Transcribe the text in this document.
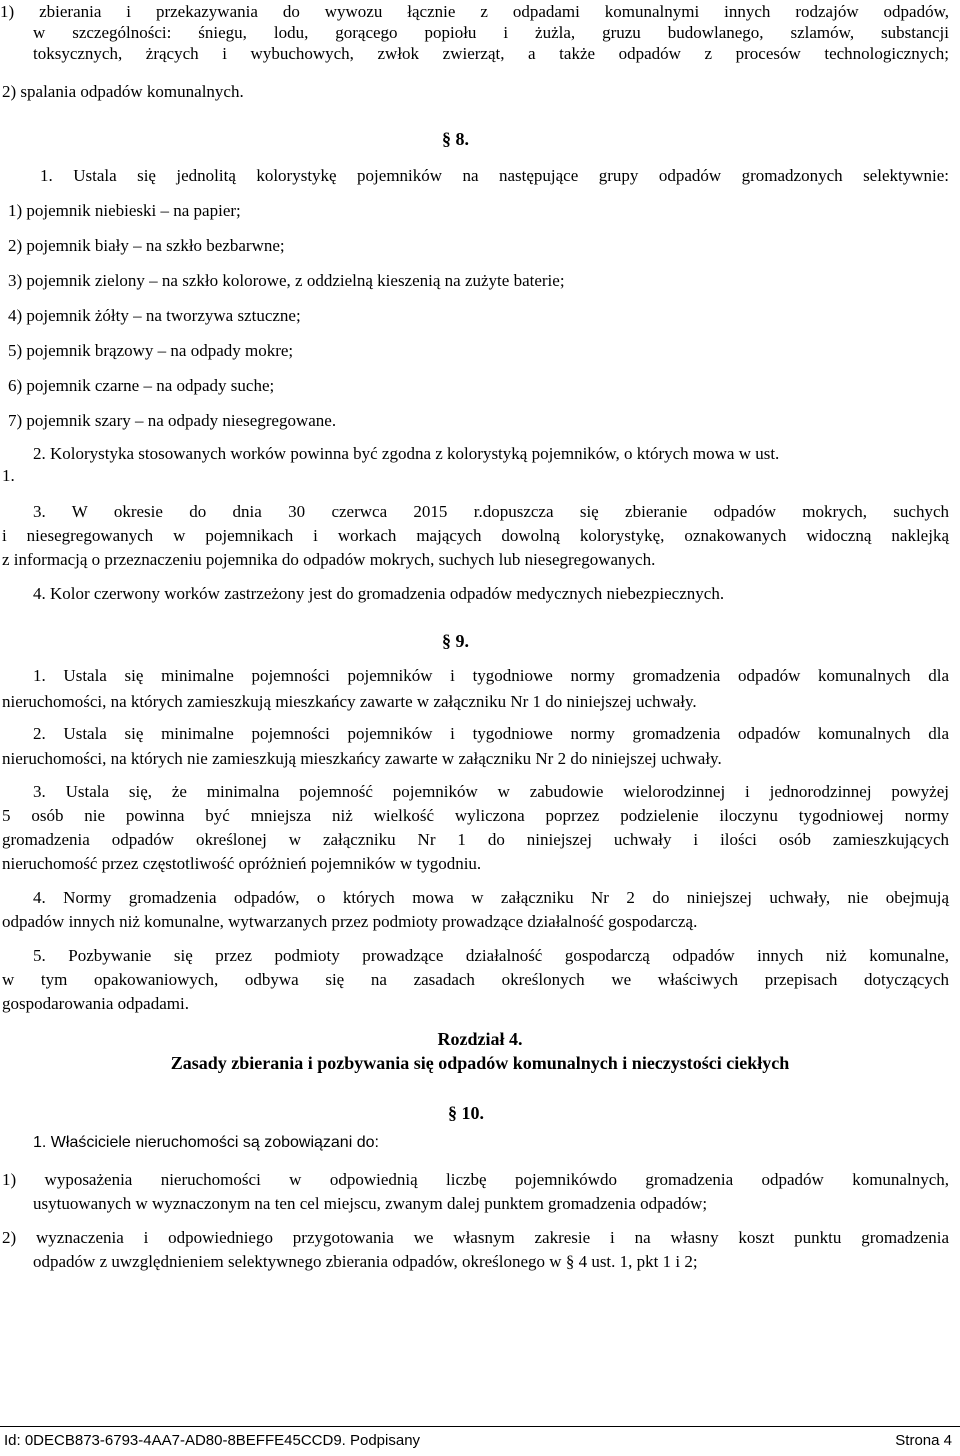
1) zbierania i przekazywania do wywozu łącznie z odpadami komunalnymi innych rodzajów odpadów,
w szczególności: śniegu, lodu, gorącego popiołu i żużla, gruzu budowlanego, szlamów, substancji
toksycznych, żrących i wybuchowych, zwłok zwierząt, a także odpadów z procesów technologicznych;
2) spalania odpadów komunalnych.
§ 8.
1. Ustala się jednolitą kolorystykę pojemników na następujące grupy odpadów gromadzonych selektywnie:
1) pojemnik niebieski – na papier;
2) pojemnik biały – na szkło bezbarwne;
3) pojemnik zielony – na szkło kolorowe, z oddzielną kieszenią na zużyte baterie;
4) pojemnik żółty – na tworzywa sztuczne;
5) pojemnik brązowy – na odpady mokre;
6) pojemnik czarne – na odpady suche;
7) pojemnik szary – na odpady niesegregowane.
2. Kolorystyka stosowanych worków powinna być zgodna z kolorystyką pojemników, o których mowa w ust.
1.
3. W okresie do dnia 30 czerwca 2015 r.dopuszcza się zbieranie odpadów mokrych, suchych
i niesegregowanych w pojemnikach i workach mających dowolną kolorystykę, oznakowanych widoczną naklejką
z informacją o przeznaczeniu pojemnika do odpadów mokrych, suchych lub niesegregowanych.
4. Kolor czerwony worków zastrzeżony jest do gromadzenia odpadów medycznych niebezpiecznych.
§ 9.
1. Ustala się minimalne pojemności pojemników i tygodniowe normy gromadzenia odpadów komunalnych dla
nieruchomości, na których zamieszkują mieszkańcy zawarte w załączniku Nr 1 do niniejszej uchwały.
2. Ustala się minimalne pojemności pojemników i tygodniowe normy gromadzenia odpadów komunalnych dla
nieruchomości, na których nie zamieszkują mieszkańcy zawarte w załączniku Nr 2 do niniejszej uchwały.
3. Ustala się, że minimalna pojemność pojemników w zabudowie wielorodzinnej i jednorodzinnej powyżej
5 osób nie powinna być mniejsza niż wielkość wyliczona poprzez podzielenie iloczynu tygodniowej normy
gromadzenia odpadów określonej w załączniku Nr 1 do niniejszej uchwały i ilości osób zamieszkujących
nieruchomość przez częstotliwość opróżnień pojemników w tygodniu.
4. Normy gromadzenia odpadów, o których mowa w załączniku Nr 2 do niniejszej uchwały, nie obejmują
odpadów innych niż komunalne, wytwarzanych przez podmioty prowadzące działalność gospodarczą.
5. Pozbywanie się przez podmioty prowadzące działalność gospodarczą odpadów innych niż komunalne,
w tym opakowaniowych, odbywa się na zasadach określonych we właściwych przepisach dotyczących
gospodarowania odpadami.
Rozdział 4.
Zasady zbierania i pozbywania się odpadów komunalnych i nieczystości ciekłych
§ 10.
1. Właściciele nieruchomości są zobowiązani do:
1) wyposażenia nieruchomości w odpowiednią liczbę pojemnikówdo gromadzenia odpadów komunalnych,
usytuowanych w wyznaczonym na ten cel miejscu, zwanym dalej punktem gromadzenia odpadów;
2) wyznaczenia i odpowiedniego przygotowania we własnym zakresie i na własny koszt punktu gromadzenia
odpadów z uwzględnieniem selektywnego zbierania odpadów, określonego w § 4 ust. 1, pkt 1 i 2;
Id: 0DECB873-6793-4AA7-AD80-8BEFFE45CCD9. Podpisany	Strona 4
